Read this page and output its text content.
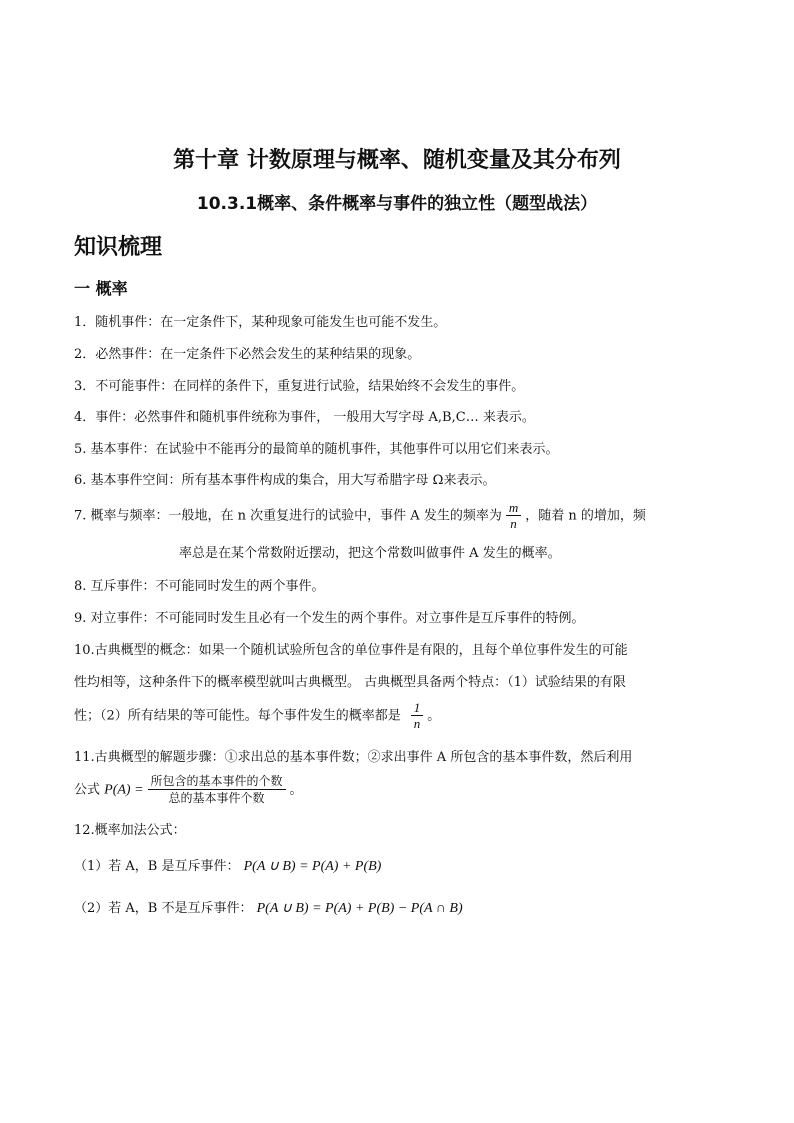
第十章 计数原理与概率、随机变量及其分布列
10.3.1概率、条件概率与事件的独立性（题型战法）
知识梳理
一 概率
1．随机事件：在一定条件下，某种现象可能发生也可能不发生。
2．必然事件：在一定条件下必然会发生的某种结果的现象。
3．不可能事件：在同样的条件下，重复进行试验，结果始终不会发生的事件。
4．事件：必然事件和随机事件统称为事件， 一般用大写字母 A,B,C… 来表示。
5. 基本事件：在试验中不能再分的最简单的随机事件，其他事件可以用它们来表示。
6. 基本事件空间：所有基本事件构成的集合，用大写希腊字母 Ω来表示。
7. 概率与频率：一般地，在 n 次重复进行的试验中，事件 A 发生的频率为 $\frac{m}{n}$ ，随着 n 的增加，频
率总是在某个常数附近摆动，把这个常数叫做事件 A 发生的概率。
8. 互斥事件：不可能同时发生的两个事件。
9. 对立事件：不可能同时发生且必有一个发生的两个事件。对立事件是互斥事件的特例。
10.古典概型的概念：如果一个随机试验所包含的单位事件是有限的，且每个单位事件发生的可能
性均相等，这种条件下的概率模型就叫古典概型。 古典概型具备两个特点：（1）试验结果的有限
性；（2）所有结果的等可能性。每个事件发生的概率都是 $\frac{1}{n}$ 。
11.古典概型的解题步骤：①求出总的基本事件数；②求出事件 A 所包含的基本事件数，然后利用
公式 $P(A) = \frac{\text{所包含的基本事件的个数}}{\text{总的基本事件个数}}$ 。
12.概率加法公式：
（1）若 A，B 是互斥事件： P(A ∪ B) = P(A) + P(B)
（2）若 A，B 不是互斥事件： P(A ∪ B) = P(A) + P(B) − P(A ∩ B)
